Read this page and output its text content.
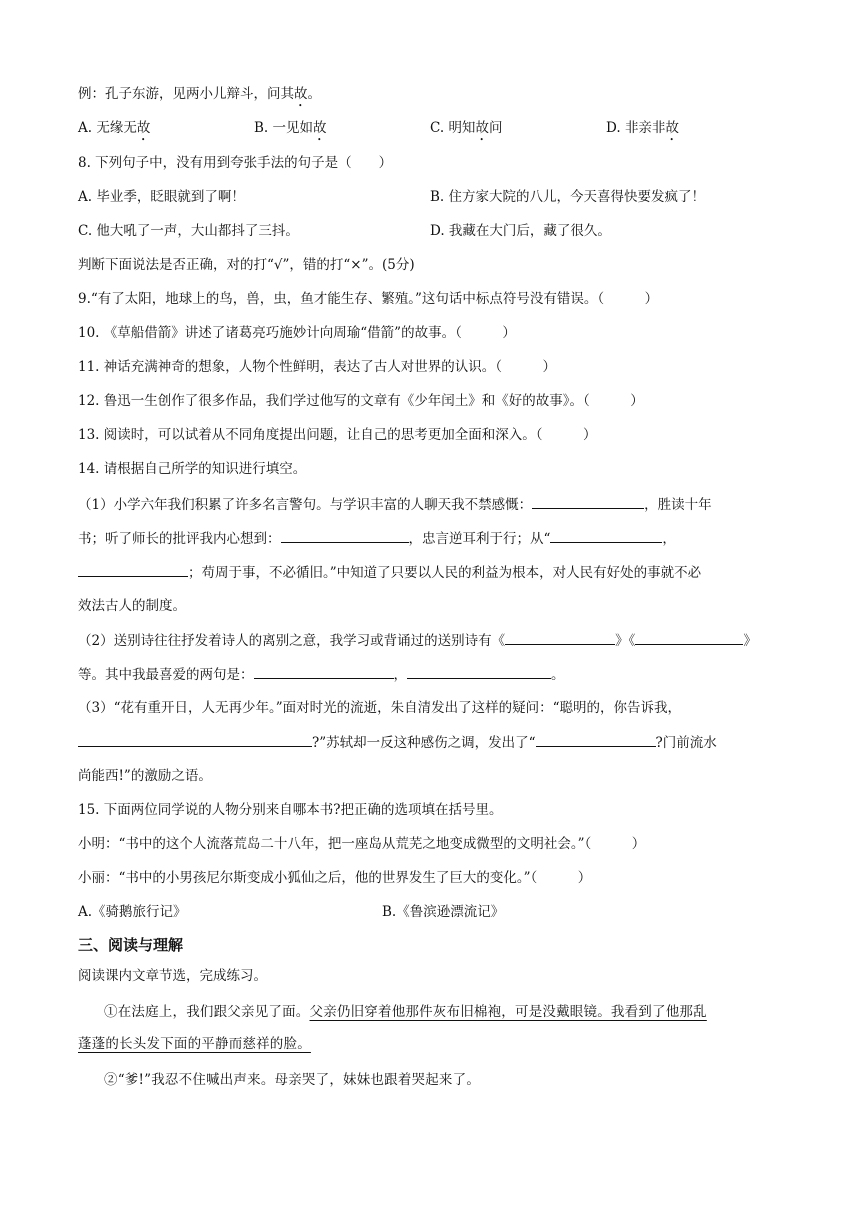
例：孔子东游，见两小儿辩斗，问其故。
A. 无缘无故	B. 一见如故	C. 明知故问	D. 非亲非故
8. 下列句子中，没有用到夸张手法的句子是（　　）
A. 毕业季，眨眼就到了啊！	B. 住方家大院的八儿，今天喜得快要发疯了！
C. 他大吼了一声，大山都抖了三抖。	D. 我藏在大门后，藏了很久。
判断下面说法是否正确，对的打“√”，错的打“×”。(5分)
9.“有了太阳，地球上的鸟，兽，虫，鱼才能生存、繁殖。”这句话中标点符号没有错误。（　　　）
10. 《草船借箭》讲述了诸葛亮巧施妙计向周瑜“借箭”的故事。（　　　）
11. 神话充满神奇的想象，人物个性鲜明，表达了古人对世界的认识。（　　　）
12. 鲁迅一生创作了很多作品，我们学过他写的文章有《少年闰土》和《好的故事》。（　　　）
13. 阅读时，可以试着从不同角度提出问题，让自己的思考更加全面和深入。（　　　）
14. 请根据自己所学的知识进行填空。
（1）小学六年我们积累了许多名言警句。与学识丰富的人聊天我不禁感慨：	，胜读十年
书；听了师长的批评我内心想到：	，忠言逆耳利于行；从“	，
；苟周于事，不必循旧。”中知道了只要以人民的利益为根本，对人民有好处的事就不必
效法古人的制度。
（2）送别诗往往抒发着诗人的离别之意，我学习或背诵过的送别诗有《	》《	》
等。其中我最喜爱的两句是：	，	。
（3）“花有重开日，人无再少年。”面对时光的流逝，朱自清发出了这样的疑问：“聪明的，你告诉我，
?”苏轼却一反这种感伤之调，发出了“	?门前流水
尚能西!”的激励之语。
15. 下面两位同学说的人物分别来自哪本书?把正确的选项填在括号里。
小明：“书中的这个人流落荒岛二十八年，把一座岛从荒芜之地变成微型的文明社会。”（　　　）
小丽：“书中的小男孩尼尔斯变成小狐仙之后，他的世界发生了巨大的变化。”（　　　）
A.《骑鹅旅行记》	B.《鲁滨逊漂流记》
三、阅读与理解
阅读课内文章节选，完成练习。
①在法庭上，我们跟父亲见了面。父亲仍旧穿着他那件灰布旧棉袍，可是没戴眼镜。我看到了他那乱
蓬蓬的长头发下面的平静而慈祥的脸。
②“爹!”我忍不住喊出声来。母亲哭了，妹妹也跟着哭起来了。
